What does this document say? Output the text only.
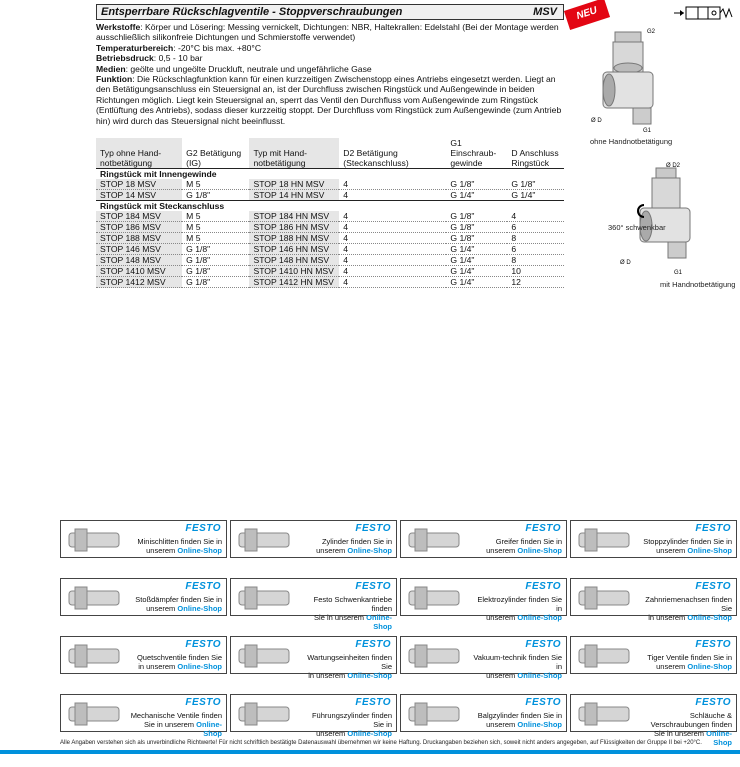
Entsperrbare Rückschlagventile - Stoppverschraubungen	MSV	NEU
Werkstoffe: Körper und Lösering: Messing vernickelt, Dichtungen: NBR, Haltekrallen: Edelstahl (Bei der Montage werden ausschließlich silikonfreie Dichtungen und Schmierstoffe verwendet)
Temperaturbereich: -20°C bis max. +80°C
Betriebsdruck: 0,5 - 10 bar
Medien: geölte und ungeölte Druckluft, neutrale und ungefährliche Gase
Funktion: Die Rückschlagfunktion kann für einen kurzzeitigen Zwischenstopp eines Antriebs eingesetzt werden. Liegt an den Betätigungsanschluss ein Steuersignal an, ist der Durchfluss zwischen Ringstück und Außengewinde in beiden Richtungen möglich. Liegt kein Steuersignal an, sperrt das Ventil den Durchfluss vom Außengewinde zum Ringstück (Entlüftung des Antriebs), sodass dieser kurzzeitig stoppt. Der Durchfluss vom Ringstück zum Außengewinde (zum Antrieb hin) wird durch das Steuersignal nicht beeinflusst.
Typ ohne Hand-notbetätigung	G2 Betätigung (IG)	Typ mit Hand-notbetätigung	D2 Betätigung (Steckanschluss)	G1 Einschraub-gewinde	D Anschluss Ringstück
Ringstück mit Innengewinde					
STOP 18 MSV	M 5	STOP 18 HN MSV	4	G 1/8"	G 1/8"
STOP 14 MSV	G 1/8"	STOP 14 HN MSV	4	G 1/4"	G 1/4"
Ringstück mit Steckanschluss					
STOP 184 MSV	M 5	STOP 184 HN MSV	4	G 1/8"	4
STOP 186 MSV	M 5	STOP 186 HN MSV	4	G 1/8"	6
STOP 188 MSV	M 5	STOP 188 HN MSV	4	G 1/8"	8
STOP 146 MSV	G 1/8"	STOP 146 HN MSV	4	G 1/4"	6
STOP 148 MSV	G 1/8"	STOP 148 HN MSV	4	G 1/4"	8
STOP 1410 MSV	G 1/8"	STOP 1410 HN MSV	4	G 1/4"	10
STOP 1412 MSV	G 1/8"	STOP 1412 HN MSV	4	G 1/4"	12
G2
Ø D
G1
ohne Handnotbetätigung
Ø D2
Ø D
G1
360° schwenkbar
mit Handnotbetätigung
FESTO
Minischlitten finden Sie in
unserem Online-Shop
FESTO
Zylinder finden Sie in
unserem Online-Shop
FESTO
Greifer finden Sie in
unserem Online-Shop
FESTO
Stoppzylinder finden Sie in
unserem Online-Shop
FESTO
Stoßdämpfer finden Sie in
unserem Online-Shop
FESTO
Festo Schwenkantriebe finden
Sie in unserem Online-Shop
FESTO
Elektrozylinder finden Sie in
unserem Online-Shop
FESTO
Zahnriemenachsen finden Sie
in unserem Online-Shop
FESTO
Quetschventile finden Sie
in unserem Online-Shop
FESTO
Wartungseinheiten finden Sie
in unserem Online-Shop
FESTO
Vakuum-technik finden Sie in
unserem Online-Shop
FESTO
Tiger Ventile finden Sie in
unserem Online-Shop
FESTO
Mechanische Ventile finden
Sie in unserem Online-Shop
FESTO
Führungszylinder finden Sie in
unserem Online-Shop
FESTO
Balgzylinder finden Sie in
unserem Online-Shop
FESTO
Schläuche & Verschraubungen finden
Sie in unserem Online-Shop
Alle Angaben verstehen sich als unverbindliche Richtwerte! Für nicht schriftlich bestätigte Datenauswahl übernehmen wir keine Haftung. Druckangaben beziehen sich, soweit nicht anders angegeben, auf Flüssigkeiten der Gruppe II bei +20°C.
